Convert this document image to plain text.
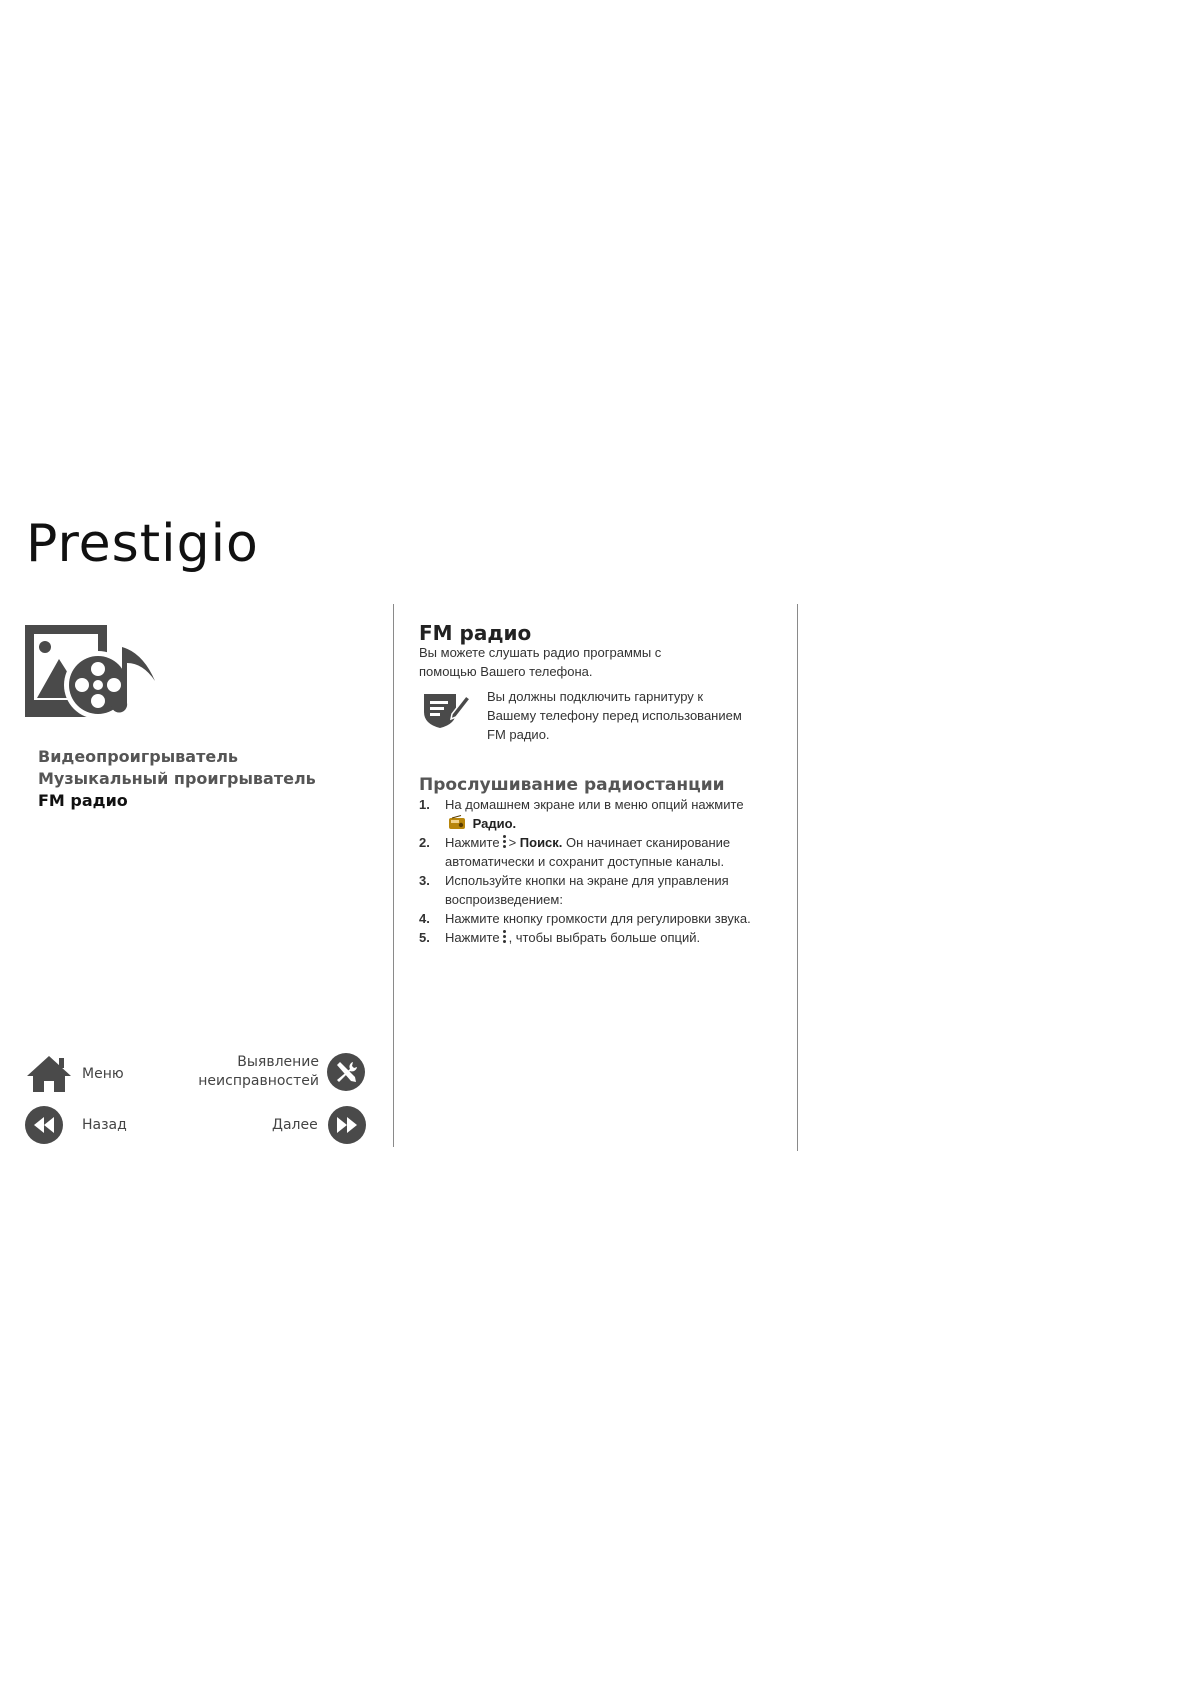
Prestigio
Видеопроигрыватель
Музыкальный проигрыватель
FM радио
Меню
Выявление
неисправностей
Назад	Далее
FM радио
Вы можете слушать радио программы с помощью Вашего телефона.
Вы должны подключить гарнитуру к Вашему телефону перед использованием FM радио.
Прослушивание радиостанции
1.	На домашнем экране или в меню опций нажмите  Радио.
2.	Нажмите > Поиск. Он начинает сканирование автоматически и сохранит доступные каналы.
3.	Используйте кнопки на экране для управления воспроизведением:
4.	Нажмите кнопку громкости для регулировки звука.
5.	Нажмите , чтобы выбрать больше опций.
